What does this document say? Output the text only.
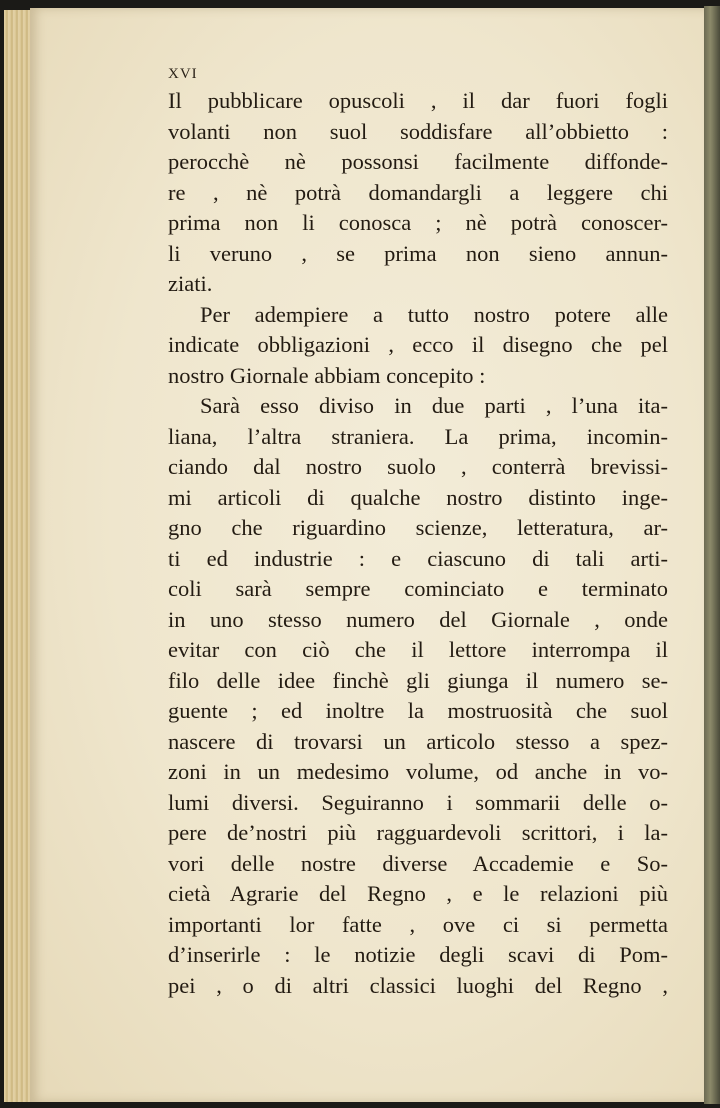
XVI
Il pubblicare opuscoli , il dar fuori fogli
volanti non suol soddisfare all’obbietto :
perocchè nè possonsi facilmente diffonde-
re , nè potrà domandargli a leggere chi
prima non li conosca ; nè potrà conoscer-
li veruno , se prima non sieno annun-
ziati.
Per adempiere a tutto nostro potere alle
indicate obbligazioni , ecco il disegno che pel
nostro Giornale abbiam concepito :
Sarà esso diviso in due parti , l’una ita-
liana, l’altra straniera. La prima, incomin-
ciando dal nostro suolo , conterrà brevissi-
mi articoli di qualche nostro distinto inge-
gno che riguardino scienze, letteratura, ar-
ti ed industrie : e ciascuno di tali arti-
coli sarà sempre cominciato e terminato
in uno stesso numero del Giornale , onde
evitar con ciò che il lettore interrompa il
filo delle idee finchè gli giunga il numero se-
guente ; ed inoltre la mostruosità che suol
nascere di trovarsi un articolo stesso a spez-
zoni in un medesimo volume, od anche in vo-
lumi diversi. Seguiranno i sommarii delle o-
pere de’nostri più ragguardevoli scrittori, i la-
vori delle nostre diverse Accademie e So-
cietà Agrarie del Regno , e le relazioni più
importanti lor fatte , ove ci si permetta
d’inserirle : le notizie degli scavi di Pom-
pei , o di altri classici luoghi del Regno ,
